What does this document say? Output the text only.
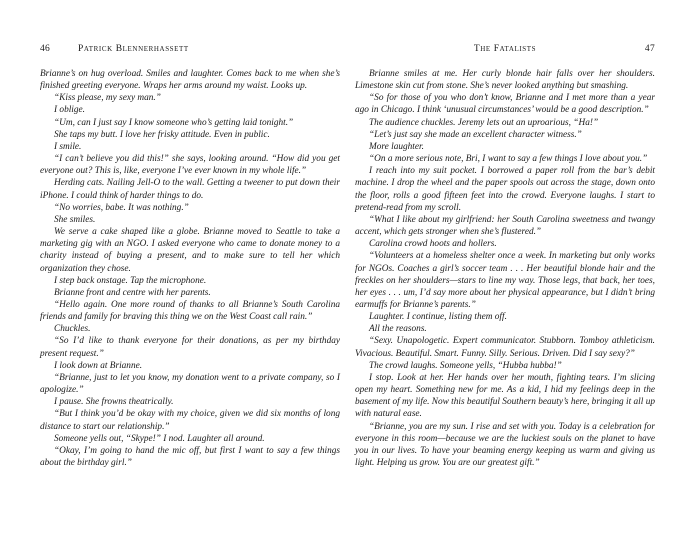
46	Patrick Blennerhassett

Brianne’s on hug overload. Smiles and laughter. Comes back to me when she’s finished greeting everyone. Wraps her arms around my waist. Looks up.

“Kiss please, my sexy man.”

I oblige.

“Um, can I just say I know someone who’s getting laid tonight.”

She taps my butt. I love her frisky attitude. Even in public.

I smile.

“I can’t believe you did this!” she says, looking around. “How did you get everyone out? This is, like, everyone I’ve ever known in my whole life.”

Herding cats. Nailing Jell-O to the wall. Getting a tweener to put down their iPhone. I could think of harder things to do.

“No worries, babe. It was nothing.”

She smiles.

We serve a cake shaped like a globe. Brianne moved to Seattle to take a marketing gig with an NGO. I asked everyone who came to donate money to a charity instead of buying a present, and to make sure to tell her which organization they chose.

I step back onstage. Tap the microphone.

Brianne front and centre with her parents.

“Hello again. One more round of thanks to all Brianne’s South Carolina friends and family for braving this thing we on the West Coast call rain.”

Chuckles.

“So I’d like to thank everyone for their donations, as per my birthday present request.”

I look down at Brianne.

“Brianne, just to let you know, my donation went to a private company, so I apologize.”

I pause. She frowns theatrically.

“But I think you’d be okay with my choice, given we did six months of long distance to start our relationship.”

Someone yells out, “Skype!” I nod. Laughter all around.

“Okay, I’m going to hand the mic off, but first I want to say a few things about the birthday girl.”

The Fatalists	47

Brianne smiles at me. Her curly blonde hair falls over her shoulders. Limestone skin cut from stone. She’s never looked anything but smashing.

“So for those of you who don’t know, Brianne and I met more than a year ago in Chicago. I think ‘unusual circumstances’ would be a good description.”

The audience chuckles. Jeremy lets out an uproarious, “Ha!”

“Let’s just say she made an excellent character witness.”

More laughter.

“On a more serious note, Bri, I want to say a few things I love about you.”

I reach into my suit pocket. I borrowed a paper roll from the bar’s debit machine. I drop the wheel and the paper spools out across the stage, down onto the floor, rolls a good fifteen feet into the crowd. Everyone laughs. I start to pretend-read from my scroll.

“What I like about my girlfriend: her South Carolina sweetness and twangy accent, which gets stronger when she’s flustered.”

Carolina crowd hoots and hollers.

“Volunteers at a homeless shelter once a week. In marketing but only works for NGOs. Coaches a girl’s soccer team . . . Her beautiful blonde hair and the freckles on her shoulders—stars to line my way. Those legs, that back, her toes, her eyes . . . um, I’d say more about her physical appearance, but I didn’t bring earmuffs for Brianne’s parents.”

Laughter. I continue, listing them off.

All the reasons.

“Sexy. Unapologetic. Expert communicator. Stubborn. Tomboy athleticism. Vivacious. Beautiful. Smart. Funny. Silly. Serious. Driven. Did I say sexy?”

The crowd laughs. Someone yells, “Hubba hubba!”

I stop. Look at her. Her hands over her mouth, fighting tears. I’m slicing open my heart. Something new for me. As a kid, I hid my feelings deep in the basement of my life. Now this beautiful Southern beauty’s here, bringing it all up with natural ease.

“Brianne, you are my sun. I rise and set with you. Today is a celebration for everyone in this room—because we are the luckiest souls on the planet to have you in our lives. To have your beaming energy keeping us warm and giving us light. Helping us grow. You are our greatest gift.”
